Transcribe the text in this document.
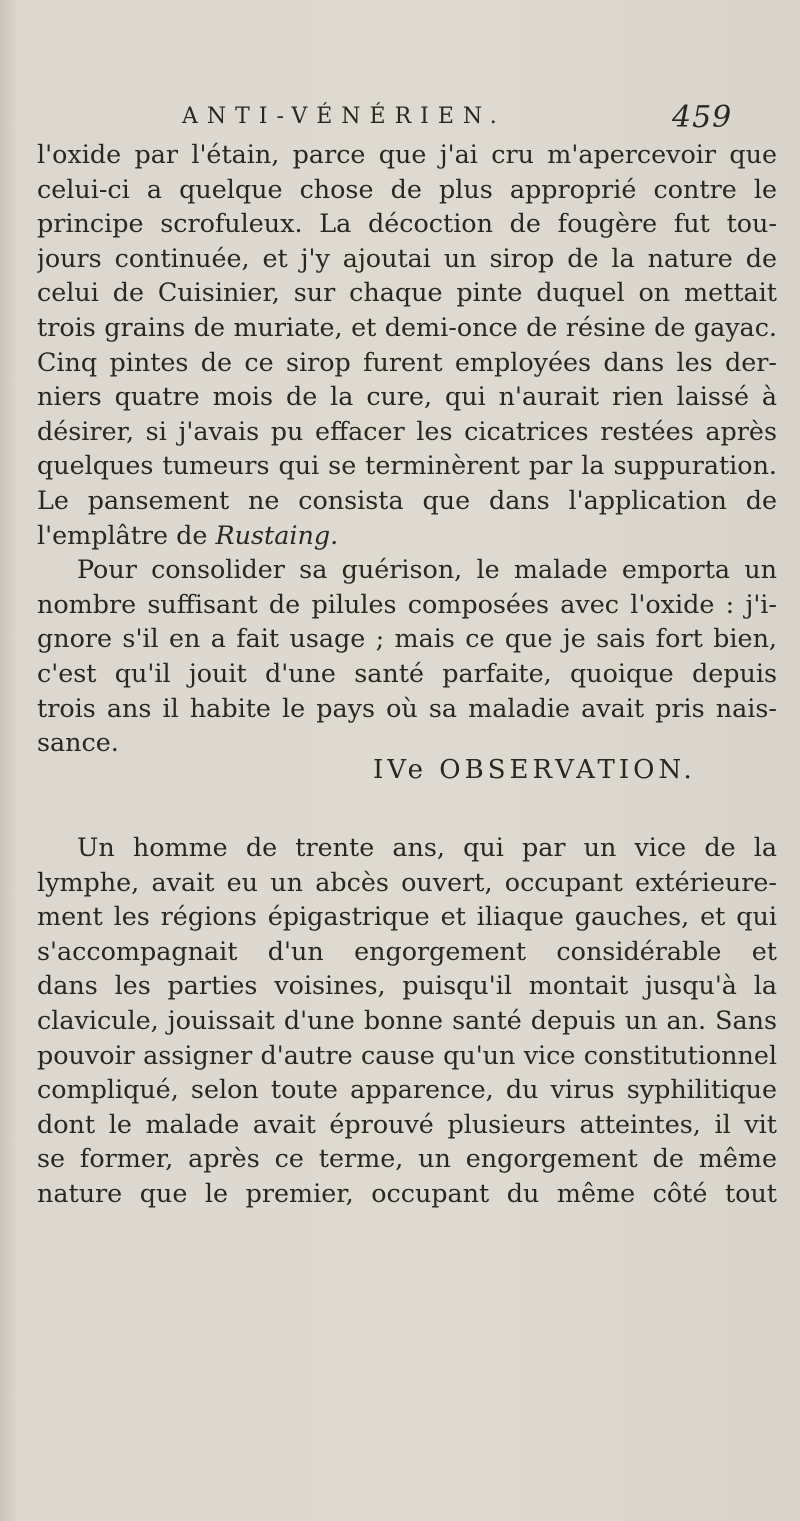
ANTI-VÉNÉRIEN.	459
l'oxide par l'étain, parce que j'ai cru m'apercevoir que
celui-ci a quelque chose de plus approprié contre le
principe scrofuleux. La décoction de fougère fut tou-
jours continuée, et j'y ajoutai un sirop de la nature de
celui de Cuisinier, sur chaque pinte duquel on mettait
trois grains de muriate, et demi-once de résine de gayac.
Cinq pintes de ce sirop furent employées dans les der-
niers quatre mois de la cure, qui n'aurait rien laissé à
désirer, si j'avais pu effacer les cicatrices restées après
quelques tumeurs qui se terminèrent par la suppuration.
Le pansement ne consista que dans l'application de
l'emplâtre de Rustaing.
Pour consolider sa guérison, le malade emporta un
nombre suffisant de pilules composées avec l'oxide : j'i-
gnore s'il en a fait usage ; mais ce que je sais fort bien,
c'est qu'il jouit d'une santé parfaite, quoique depuis
trois ans il habite le pays où sa maladie avait pris nais-
sance.
IVe OBSERVATION.
Un homme de trente ans, qui par un vice de la
lymphe, avait eu un abcès ouvert, occupant extérieure-
ment les régions épigastrique et iliaque gauches, et qui
s'accompagnait d'un engorgement considérable et
dans les parties voisines, puisqu'il montait jusqu'à la
clavicule, jouissait d'une bonne santé depuis un an. Sans
pouvoir assigner d'autre cause qu'un vice constitutionnel
compliqué, selon toute apparence, du virus syphilitique
dont le malade avait éprouvé plusieurs atteintes, il vit
se former, après ce terme, un engorgement de même
nature que le premier, occupant du même côté tout
